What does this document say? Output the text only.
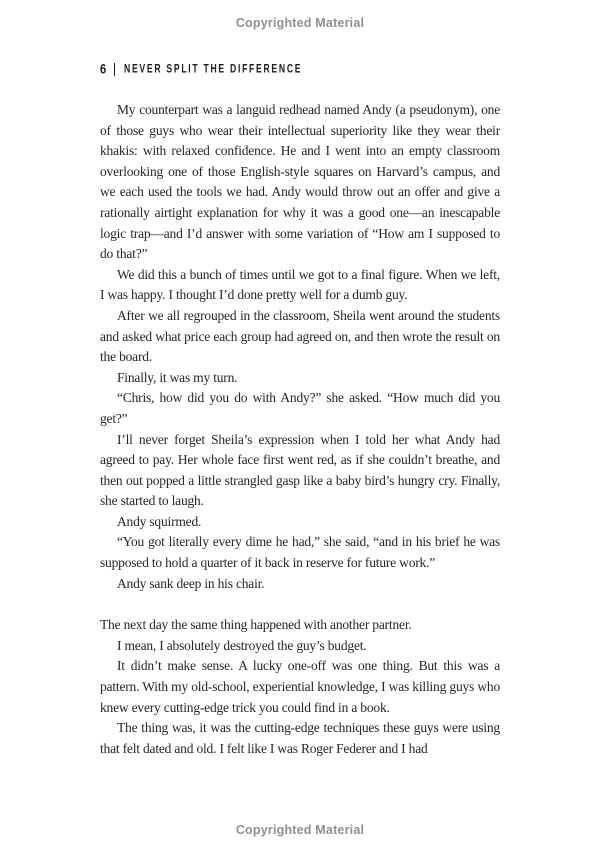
Copyrighted Material
6 NEVER SPLIT THE DIFFERENCE

My counterpart was a languid redhead named Andy (a pseudonym), one of those guys who wear their intellectual superiority like they wear their khakis: with relaxed confidence. He and I went into an empty classroom overlooking one of those English-style squares on Harvard’s campus, and we each used the tools we had. Andy would throw out an offer and give a rationally airtight explanation for why it was a good one—an inescapable logic trap—and I’d answer with some variation of “How am I supposed to do that?”

We did this a bunch of times until we got to a final figure. When we left, I was happy. I thought I’d done pretty well for a dumb guy.

After we all regrouped in the classroom, Sheila went around the students and asked what price each group had agreed on, and then wrote the result on the board.

Finally, it was my turn.

“Chris, how did you do with Andy?” she asked. “How much did you get?”

I’ll never forget Sheila’s expression when I told her what Andy had agreed to pay. Her whole face first went red, as if she couldn’t breathe, and then out popped a little strangled gasp like a baby bird’s hungry cry. Finally, she started to laugh.

Andy squirmed.

“You got literally every dime he had,” she said, “and in his brief he was supposed to hold a quarter of it back in reserve for future work.”

Andy sank deep in his chair.

The next day the same thing happened with another partner.

I mean, I absolutely destroyed the guy’s budget.

It didn’t make sense. A lucky one-off was one thing. But this was a pattern. With my old-school, experiential knowledge, I was killing guys who knew every cutting-edge trick you could find in a book.

The thing was, it was the cutting-edge techniques these guys were using that felt dated and old. I felt like I was Roger Federer and I had

Copyrighted Material
